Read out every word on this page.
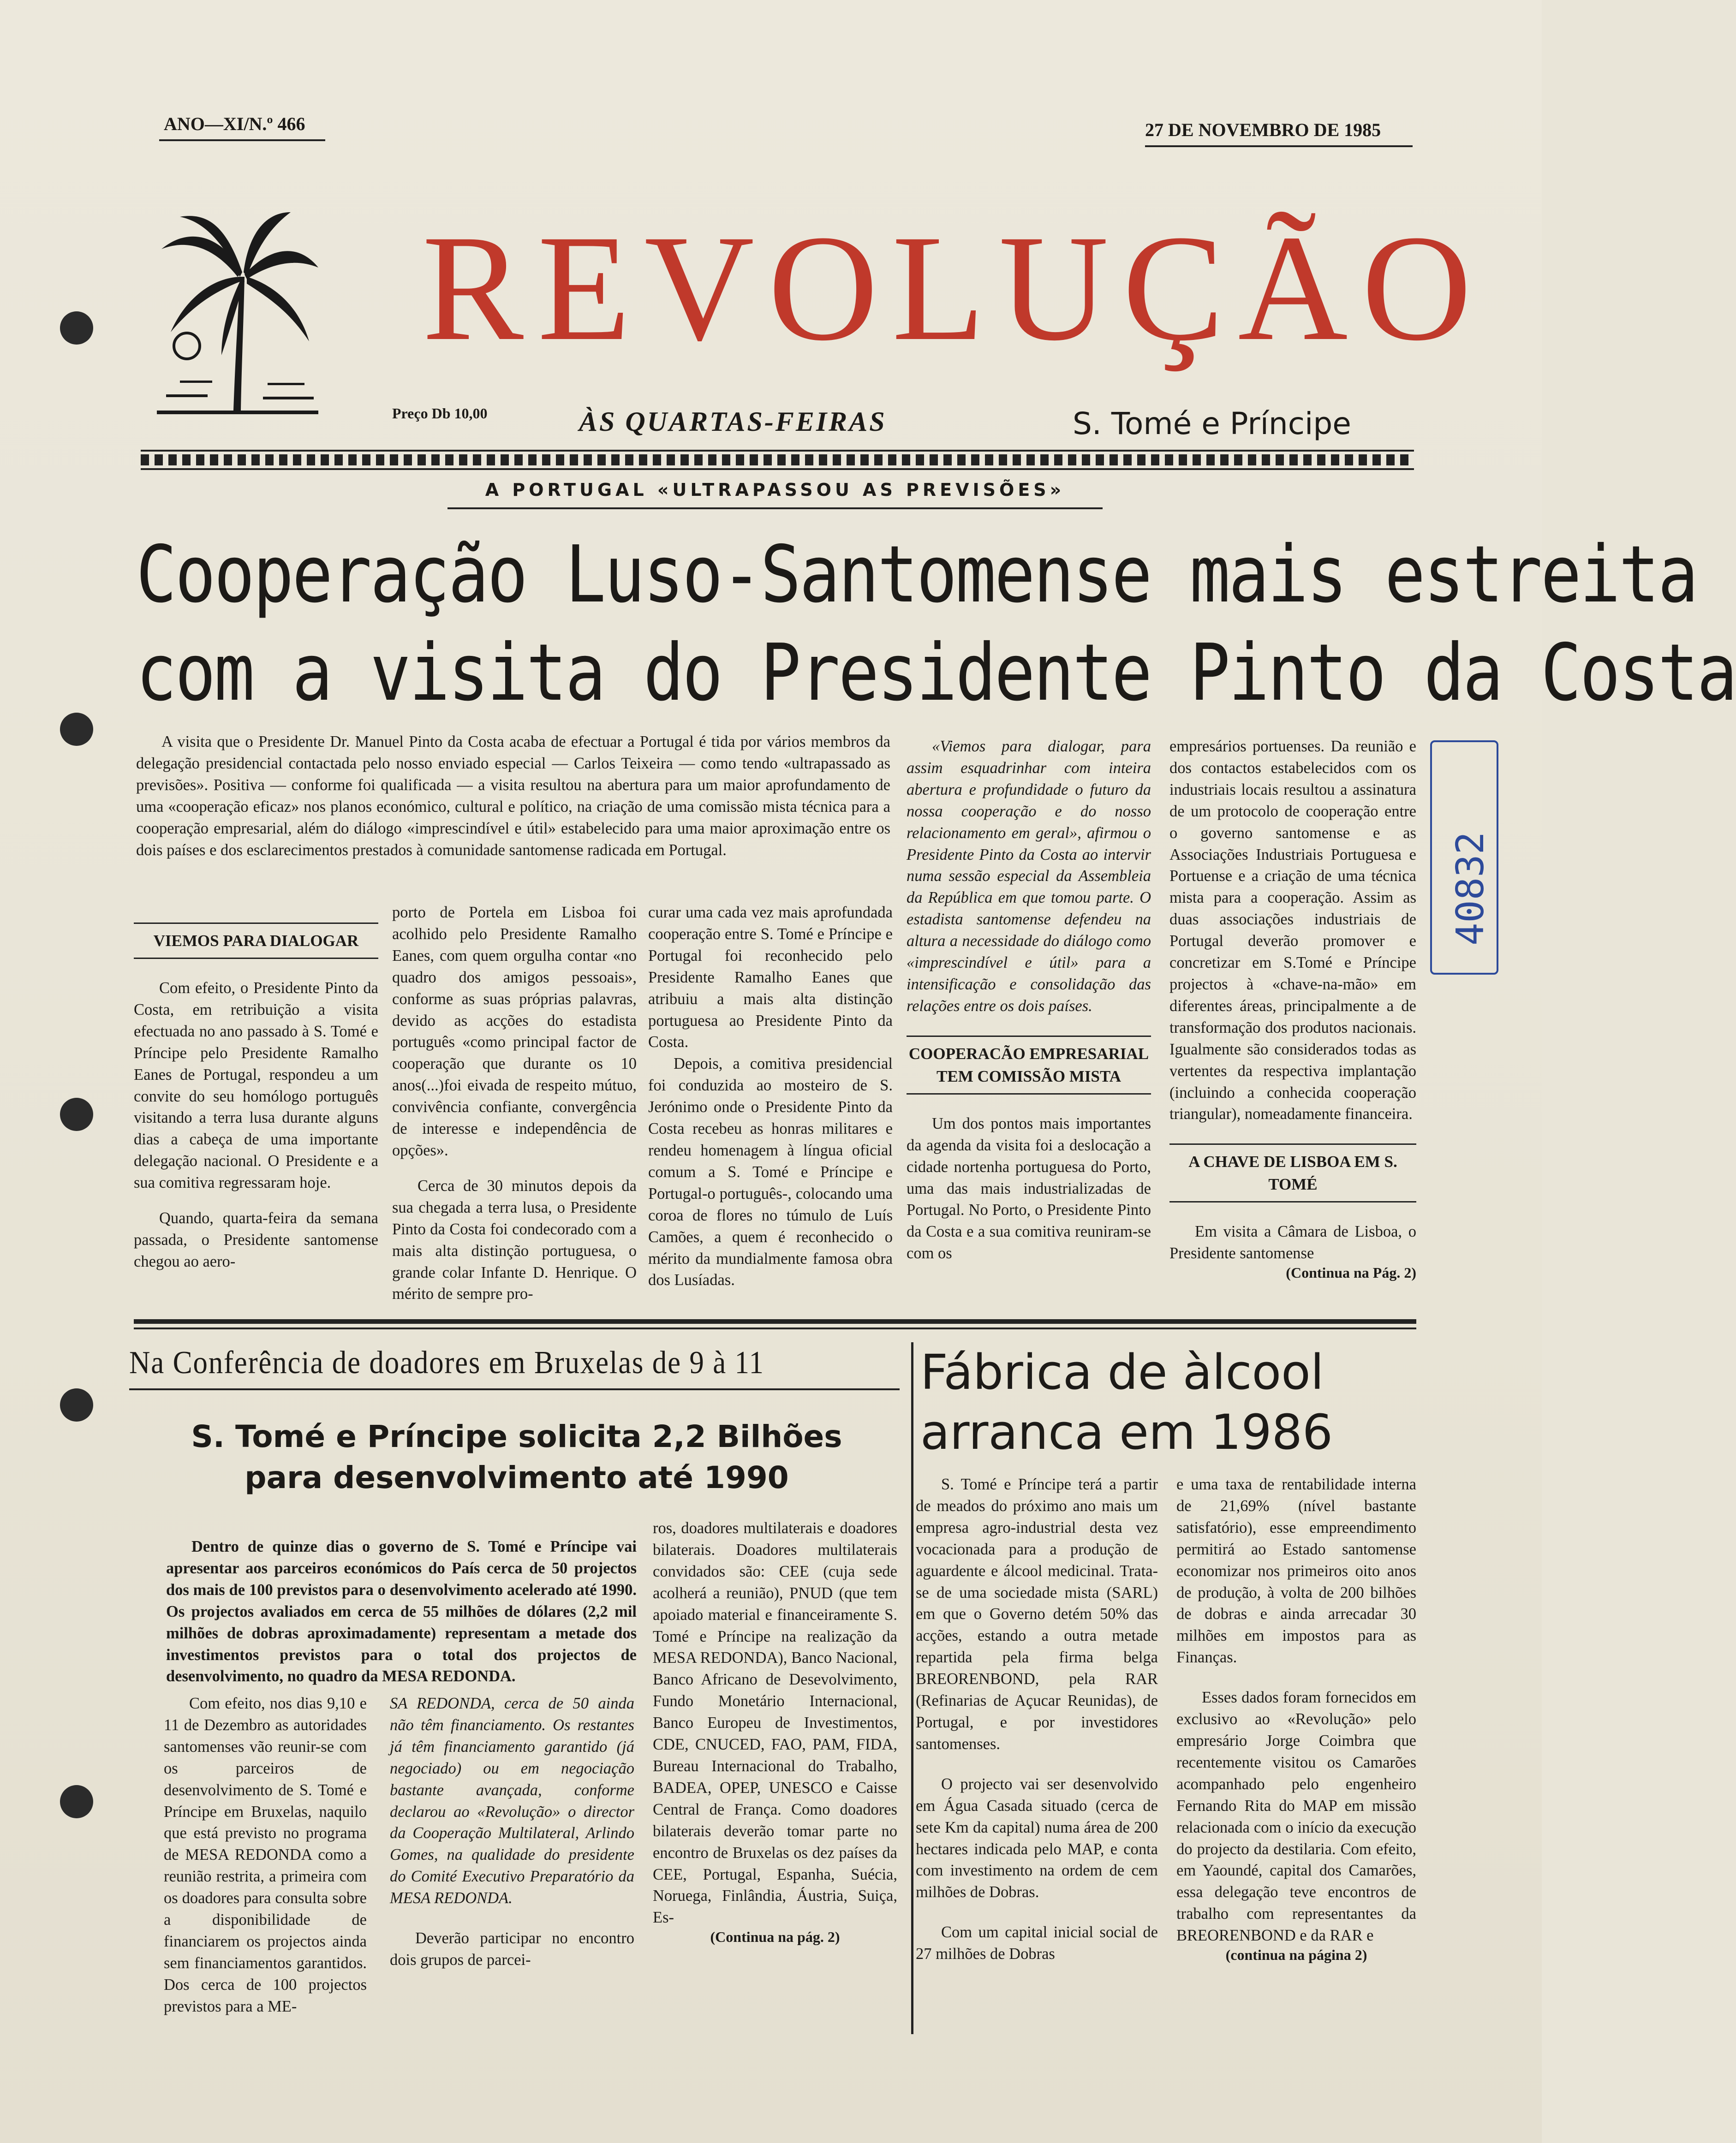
ANO—XI/N.º 466	27 DE NOVEMBRO DE 1985
REVOLUÇÃO
Preço Db 10,00	ÀS QUARTAS-FEIRAS	S. Tomé e Príncipe
A PORTUGAL «ULTRAPASSOU AS PREVISÕES»
Cooperação Luso-Santomense mais estreita
com a visita do Presidente Pinto da Costa
A visita que o Presidente Dr. Manuel Pinto da Costa acaba de efectuar a Portugal é tida por vários membros da delegação presidencial contactada pelo nosso enviado especial — Carlos Teixeira — como tendo «ultrapassado as previsões». Positiva — conforme foi qualificada — a visita resultou na abertura para um maior aprofundamento de uma «cooperação eficaz» nos planos económico, cultural e político, na criação de uma comissão mista técnica para a cooperação empresarial, além do diálogo «imprescindível e útil» estabelecido para uma maior aproximação entre os dois países e dos esclarecimentos prestados à comunidade santomense radicada em Portugal.
VIEMOS PARA DIALOGAR

Com efeito, o Presidente Pinto da Costa, em retribuição a visita efectuada no ano passado à S. Tomé e Príncipe pelo Presidente Ramalho Eanes de Portugal, respondeu a um convite do seu homólogo português visitando a terra lusa durante alguns dias a cabeça de uma importante delegação nacional. O Presidente e a sua comitiva regressaram hoje.

Quando, quarta-feira da semana passada, o Presidente santomense chegou ao aero-

porto de Portela em Lisboa foi acolhido pelo Presidente Ramalho Eanes, com quem orgulha contar «no quadro dos amigos pessoais», conforme as suas próprias palavras, devido as acções do estadista português «como principal factor de cooperação que durante os 10 anos(...)foi eivada de respeito mútuo, convivência confiante, convergência de interesse e independência de opções».

Cerca de 30 minutos depois da sua chegada a terra lusa, o Presidente Pinto da Costa foi condecorado com a mais alta distinção portuguesa, o grande colar Infante D. Henrique. O mérito de sempre pro-

curar uma cada vez mais aprofundada cooperação entre S. Tomé e Príncipe e Portugal foi reconhecido pelo Presidente Ramalho Eanes que atribuiu a mais alta distinção portuguesa ao Presidente Pinto da Costa.

Depois, a comitiva presidencial foi conduzida ao mosteiro de S. Jerónimo onde o Presidente Pinto da Costa recebeu as honras militares e rendeu homenagem à língua oficial comum a S. Tomé e Príncipe e Portugal-o português-, colocando uma coroa de flores no túmulo de Luís Camões, a quem é reconhecido o mérito da mundialmente famosa obra dos Lusíadas.

«Viemos para dialogar, para assim esquadrinhar com inteira abertura e profundidade o futuro da nossa cooperação e do nosso relacionamento em geral», afirmou o Presidente Pinto da Costa ao intervir numa sessão especial da Assembleia da República em que tomou parte. O estadista santomense defendeu na altura a necessidade do diálogo como «imprescindível e útil» para a intensificação e consolidação das relações entre os dois países.

COOPERACÃO EMPRESARIAL TEM COMISSÃO MISTA

Um dos pontos mais importantes da agenda da visita foi a deslocação a cidade nortenha portuguesa do Porto, uma das mais industrializadas de Portugal. No Porto, o Presidente Pinto da Costa e a sua comitiva reuniram-se com os

empresários portuenses. Da reunião e dos contactos estabelecidos com os industriais locais resultou a assinatura de um protocolo de cooperação entre o governo santomense e as Associações Industriais Portuguesa e Portuense e a criação de uma técnica mista para a cooperação. Assim as duas associações industriais de Portugal deverão promover e concretizar em S.Tomé e Príncipe projectos à «chave-na-mão» em diferentes áreas, principalmente a de transformação dos produtos nacionais. Igualmente são considerados todas as vertentes da respectiva implantação (incluindo a conhecida cooperação triangular), nomeadamente financeira.

A CHAVE DE LISBOA EM S. TOMÉ

Em visita a Câmara de Lisboa, o Presidente santomense

(Continua na Pág. 2)

40832
Na Conferência de doadores em Bruxelas de 9 à 11
S. Tomé e Príncipe solicita 2,2 Bilhões
para desenvolvimento até 1990
Dentro de quinze dias o governo de S. Tomé e Príncipe vai apresentar aos parceiros económicos do País cerca de 50 projectos dos mais de 100 previstos para o desenvolvimento acelerado até 1990. Os projectos avaliados em cerca de 55 milhões de dólares (2,2 mil milhões de dobras aproximadamente) representam a metade dos investimentos previstos para o total dos projectos de desenvolvimento, no quadro da MESA REDONDA.

Com efeito, nos dias 9,10 e 11 de Dezembro as autoridades santomenses vão reunir-se com os parceiros de desenvolvimento de S. Tomé e Príncipe em Bruxelas, naquilo que está previsto no programa de MESA REDONDA como a reunião restrita, a primeira com os doadores para consulta sobre a disponibilidade de financiarem os projectos ainda sem financiamentos garantidos. Dos cerca de 100 projectos previstos para a ME-

SA REDONDA, cerca de 50 ainda não têm financiamento. Os restantes já têm financiamento garantido (já negociado) ou em negociação bastante avançada, conforme declarou ao «Revolução» o director da Cooperação Multilateral, Arlindo Gomes, na qualidade do presidente do Comité Executivo Preparatório da MESA REDONDA.

Deverão participar no encontro dois grupos de parcei-

ros, doadores multilaterais e doadores bilaterais. Doadores multilaterais convidados são: CEE (cuja sede acolherá a reunião), PNUD (que tem apoiado material e financeiramente S. Tomé e Príncipe na realização da MESA REDONDA), Banco Nacional, Banco Africano de Desevolvimento, Fundo Monetário Internacional, Banco Europeu de Investimentos, CDE, CNUCED, FAO, PAM, FIDA, Bureau Internacional do Trabalho, BADEA, OPEP, UNESCO e Caisse Central de França. Como doadores bilaterais deverão tomar parte no encontro de Bruxelas os dez países da CEE, Portugal, Espanha, Suécia, Noruega, Finlândia, Áustria, Suiça, Es-

(Continua na pág. 2)

Fábrica de àlcool
arranca em 1986

S. Tomé e Príncipe terá a partir de meados do próximo ano mais um empresa agro-industrial desta vez vocacionada para a produção de aguardente e álcool medicinal. Trata-se de uma sociedade mista (SARL) em que o Governo detém 50% das acções, estando a outra metade repartida pela firma belga BREORENBOND, pela RAR (Refinarias de Açucar Reunidas), de Portugal, e por investidores santomenses.

O projecto vai ser desenvolvido em Água Casada situado (cerca de sete Km da capital) numa área de 200 hectares indicada pelo MAP, e conta com investimento na ordem de cem milhões de Dobras.

Com um capital inicial social de 27 milhões de Dobras

e uma taxa de rentabilidade interna de 21,69% (nível bastante satisfatório), esse empreendimento permitirá ao Estado santomense economizar nos primeiros oito anos de produção, à volta de 200 bilhões de dobras e ainda arrecadar 30 milhões em impostos para as Finanças.

Esses dados foram fornecidos em exclusivo ao «Revolução» pelo empresário Jorge Coimbra que recentemente visitou os Camarões acompanhado pelo engenheiro Fernando Rita do MAP em missão relacionada com o início da execução do projecto da destilaria. Com efeito, em Yaoundé, capital dos Camarões, essa delegação teve encontros de trabalho com representantes da BREORENBOND e da RAR e

(continua na página 2)
